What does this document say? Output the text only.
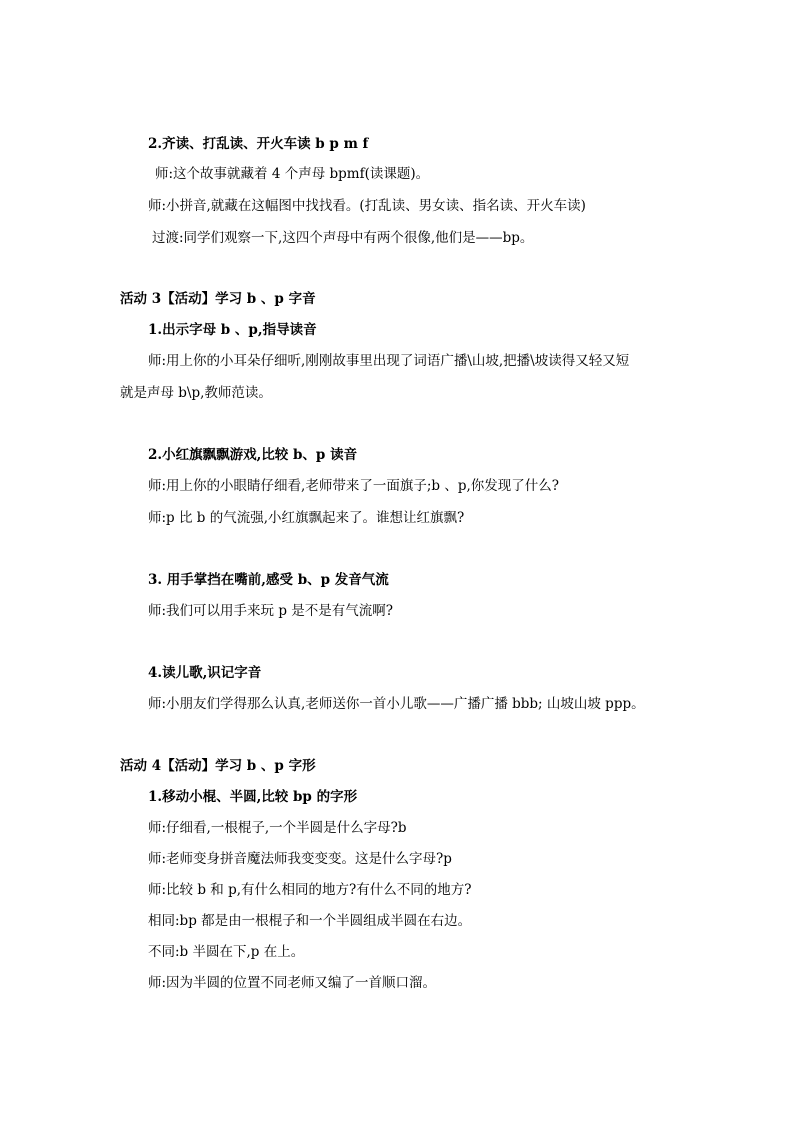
2.齐读、打乱读、开火车读 b p m f
师:这个故事就藏着 4 个声母 bpmf(读课题)。
师:小拼音,就藏在这幅图中找找看。(打乱读、男女读、指名读、开火车读)
过渡:同学们观察一下,这四个声母中有两个很像,他们是——bp。
活动 3【活动】学习 b 、p 字音
1.出示字母 b 、p,指导读音
师:用上你的小耳朵仔细听,刚刚故事里出现了词语广播\山坡,把播\坡读得又轻又短
就是声母 b\p,教师范读。
2.小红旗飘飘游戏,比较 b、p 读音
师:用上你的小眼睛仔细看,老师带来了一面旗子;b 、p,你发现了什么?
师:p 比 b 的气流强,小红旗飘起来了。谁想让红旗飘?
3. 用手掌挡在嘴前,感受 b、p 发音气流
师:我们可以用手来玩 p 是不是有气流啊?
4.读儿歌,识记字音
师:小朋友们学得那么认真,老师送你一首小儿歌——广播广播 bbb; 山坡山坡 ppp。
活动 4【活动】学习 b 、p 字形
1.移动小棍、半圆,比较 bp 的字形
师:仔细看,一根棍子,一个半圆是什么字母?b
师:老师变身拼音魔法师我变变变。这是什么字母?p
师:比较 b 和 p,有什么相同的地方?有什么不同的地方?
相同:bp 都是由一根棍子和一个半圆组成半圆在右边。
不同:b 半圆在下,p 在上。
师:因为半圆的位置不同老师又编了一首顺口溜。
